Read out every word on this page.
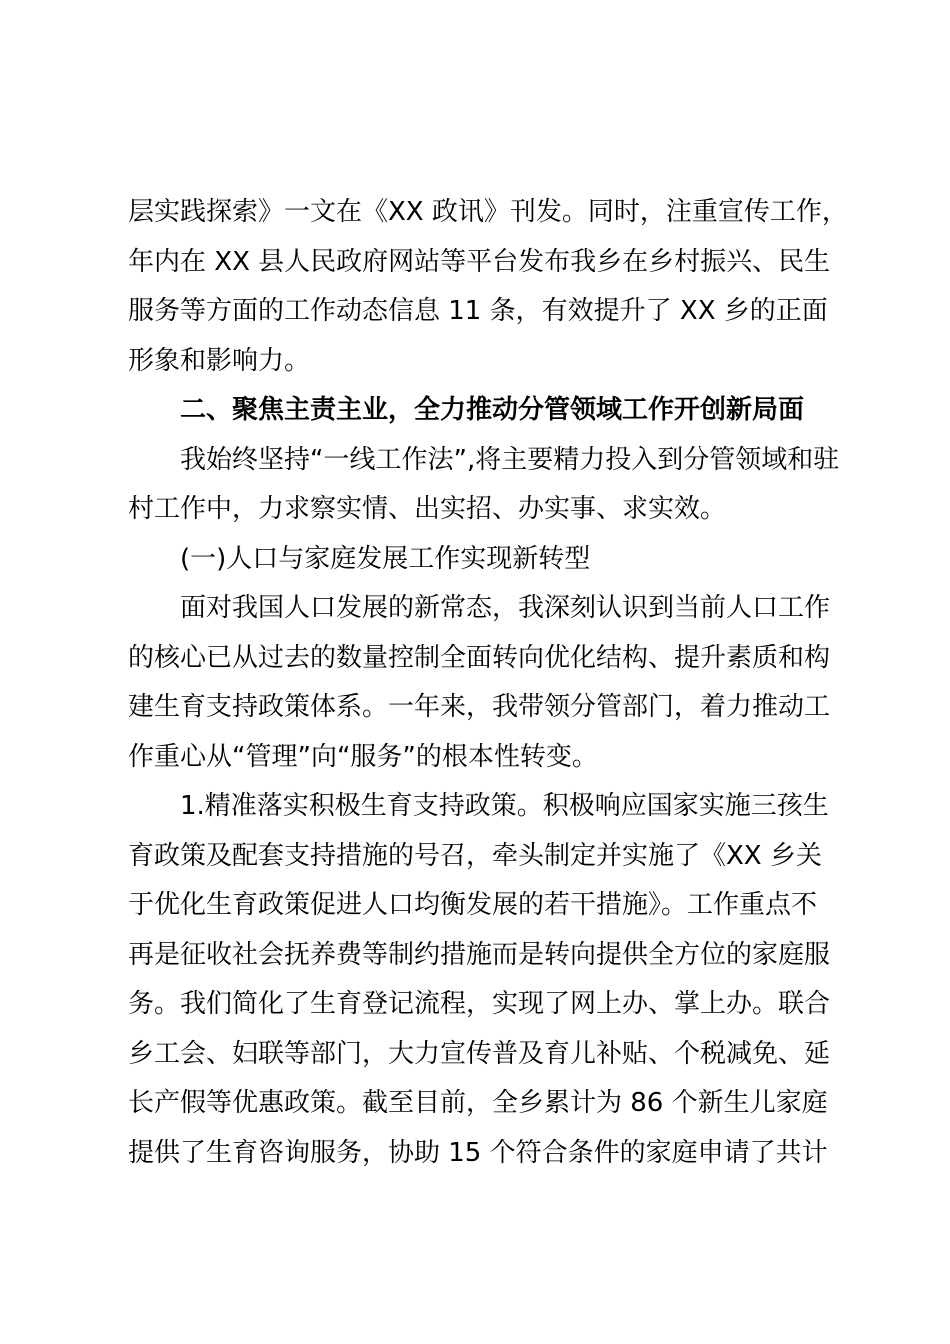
层实践探索》一文在《XX 政讯》刊发。同时，注重宣传工作，
年内在 XX 县人民政府网站等平台发布我乡在乡村振兴、民生
服务等方面的工作动态信息 11 条，有效提升了 XX 乡的正面
形象和影响力。
二、聚焦主责主业，全力推动分管领域工作开创新局面
我始终坚持“一线工作法”,将主要精力投入到分管领域和驻
村工作中，力求察实情、出实招、办实事、求实效。
(一)人口与家庭发展工作实现新转型
面对我国人口发展的新常态，我深刻认识到当前人口工作
的核心已从过去的数量控制全面转向优化结构、提升素质和构
建生育支持政策体系。一年来，我带领分管部门，着力推动工
作重心从“管理”向“服务”的根本性转变。
1.精准落实积极生育支持政策。积极响应国家实施三孩生
育政策及配套支持措施的号召，牵头制定并实施了《XX 乡关
于优化生育政策促进人口均衡发展的若干措施》。工作重点不
再是征收社会抚养费等制约措施而是转向提供全方位的家庭服
务。我们简化了生育登记流程，实现了网上办、掌上办。联合
乡工会、妇联等部门，大力宣传普及育儿补贴、个税减免、延
长产假等优惠政策。截至目前，全乡累计为 86 个新生儿家庭
提供了生育咨询服务，协助 15 个符合条件的家庭申请了共计
